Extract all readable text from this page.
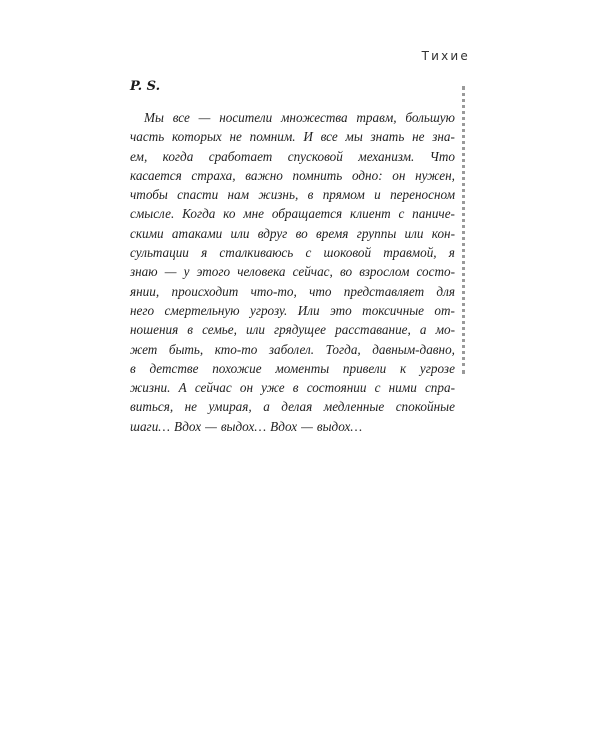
Тихие
P. S.
Мы все — носители множества травм, большую
часть которых не помним. И все мы знать не зна-
ем, когда сработает спусковой механизм. Что
касается страха, важно помнить одно: он нужен,
чтобы спасти нам жизнь, в прямом и переносном
смысле. Когда ко мне обращается клиент с паниче-
скими атаками или вдруг во время группы или кон-
сультации я сталкиваюсь с шоковой травмой, я
знаю — у этого человека сейчас, во взрослом состо-
янии, происходит что-то, что представляет для
него смертельную угрозу. Или это токсичные от-
ношения в семье, или грядущее расставание, а мо-
жет быть, кто-то заболел. Тогда, давным-давно,
в детстве похожие моменты привели к угрозе
жизни. А сейчас он уже в состоянии с ними спра-
виться, не умирая, а делая медленные спокойные
шаги… Вдох — выдох… Вдох — выдох…
